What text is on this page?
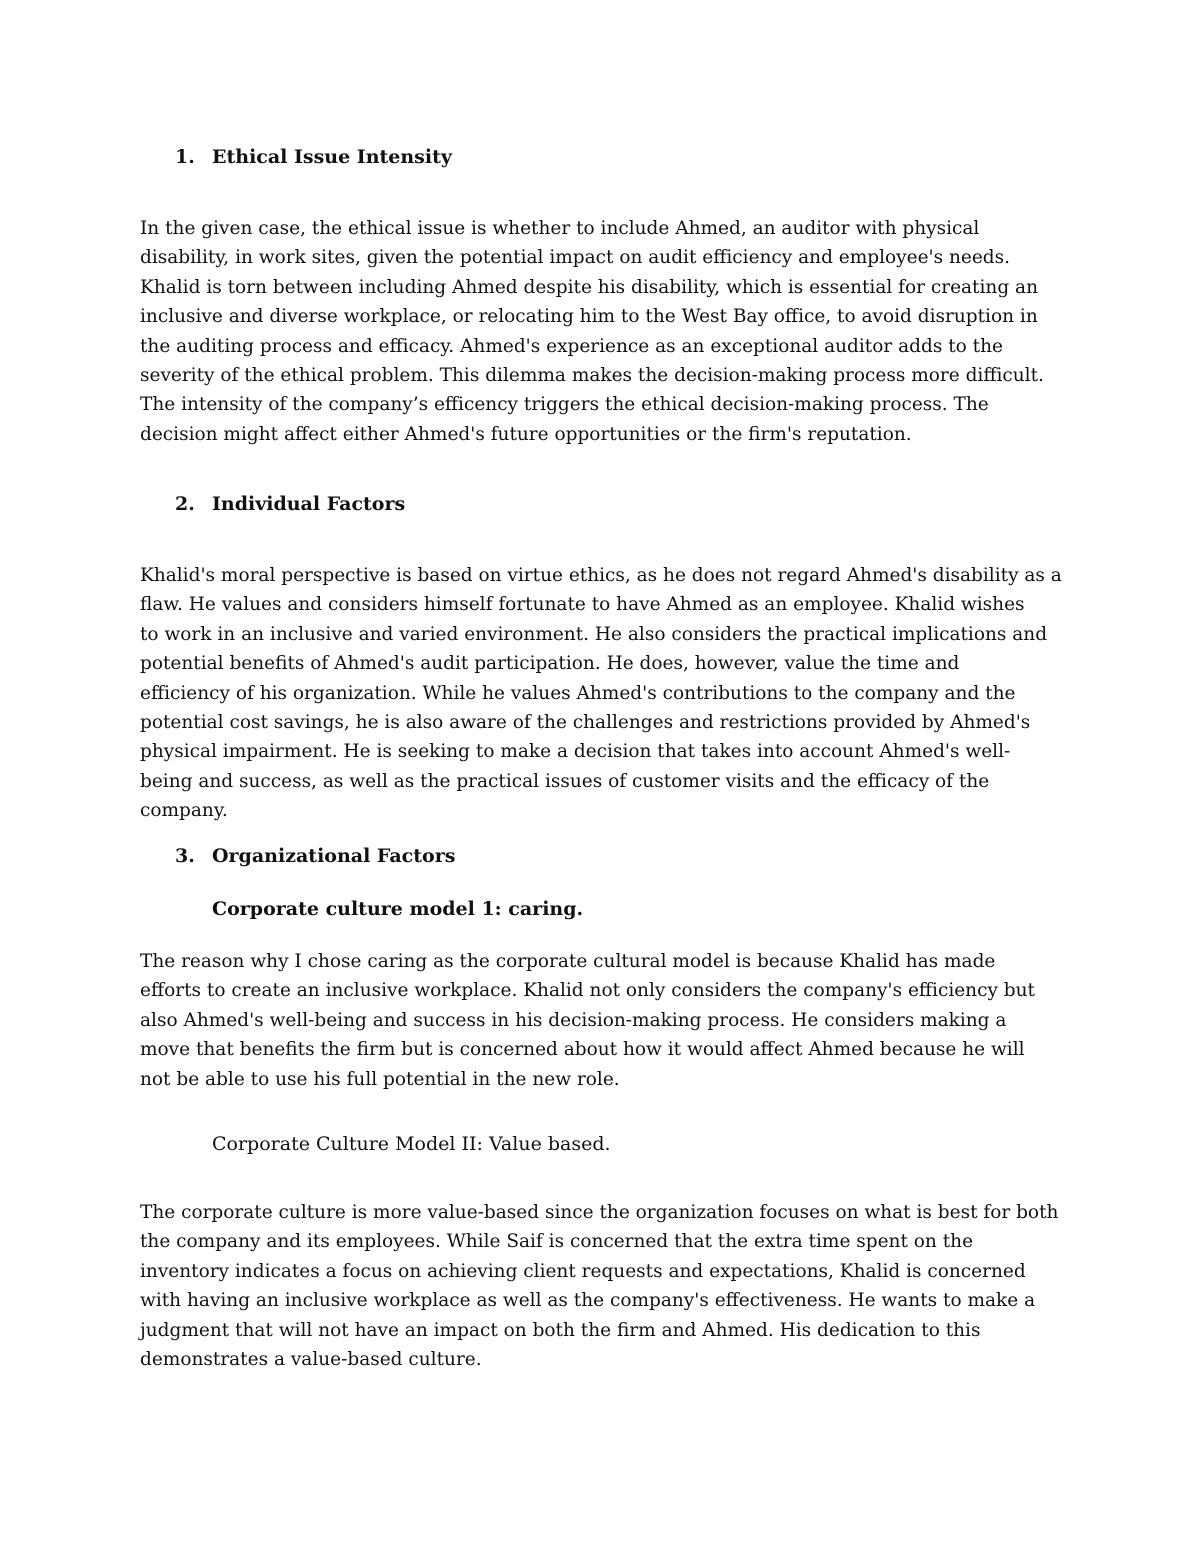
1. Ethical Issue Intensity
In the given case, the ethical issue is whether to include Ahmed, an auditor with physical
disability, in work sites, given the potential impact on audit efficiency and employee's needs.
Khalid is torn between including Ahmed despite his disability, which is essential for creating an
inclusive and diverse workplace, or relocating him to the West Bay office, to avoid disruption in
the auditing process and efficacy. Ahmed's experience as an exceptional auditor adds to the
severity of the ethical problem. This dilemma makes the decision-making process more difficult.
The intensity of the company’s efficency triggers the ethical decision-making process. The
decision might affect either Ahmed's future opportunities or the firm's reputation.
2. Individual Factors
Khalid's moral perspective is based on virtue ethics, as he does not regard Ahmed's disability as a
flaw. He values and considers himself fortunate to have Ahmed as an employee. Khalid wishes
to work in an inclusive and varied environment. He also considers the practical implications and
potential benefits of Ahmed's audit participation. He does, however, value the time and
efficiency of his organization. While he values Ahmed's contributions to the company and the
potential cost savings, he is also aware of the challenges and restrictions provided by Ahmed's
physical impairment. He is seeking to make a decision that takes into account Ahmed's well-
being and success, as well as the practical issues of customer visits and the efficacy of the
company.
3. Organizational Factors
Corporate culture model 1: caring.
The reason why I chose caring as the corporate cultural model is because Khalid has made
efforts to create an inclusive workplace. Khalid not only considers the company's efficiency but
also Ahmed's well-being and success in his decision-making process. He considers making a
move that benefits the firm but is concerned about how it would affect Ahmed because he will
not be able to use his full potential in the new role.
Corporate Culture Model II: Value based.
The corporate culture is more value-based since the organization focuses on what is best for both
the company and its employees. While Saif is concerned that the extra time spent on the
inventory indicates a focus on achieving client requests and expectations, Khalid is concerned
with having an inclusive workplace as well as the company's effectiveness. He wants to make a
judgment that will not have an impact on both the firm and Ahmed. His dedication to this
demonstrates a value-based culture.
